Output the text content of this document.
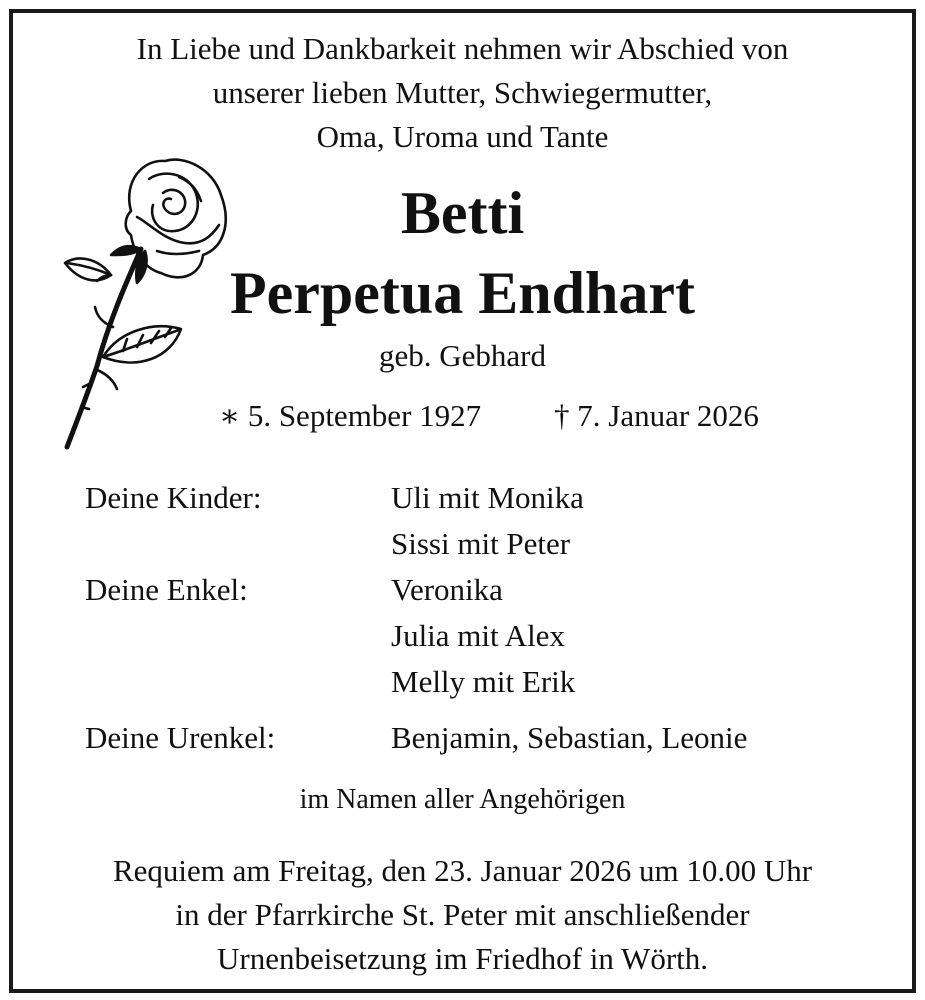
In Liebe und Dankbarkeit nehmen wir Abschied von
unserer lieben Mutter, Schwiegermutter,
Oma, Uroma und Tante
Betti
Perpetua Endhart
geb. Gebhard
∗ 5. September 1927 † 7. Januar 2026
Deine Kinder:	Uli mit Monika
Sissi mit Peter
Deine Enkel:	Veronika
Julia mit Alex
Melly mit Erik
Deine Urenkel:	Benjamin, Sebastian, Leonie
im Namen aller Angehörigen
Requiem am Freitag, den 23. Januar 2026 um 10.00 Uhr
in der Pfarrkirche St. Peter mit anschließender
Urnenbeisetzung im Friedhof in Wörth.
